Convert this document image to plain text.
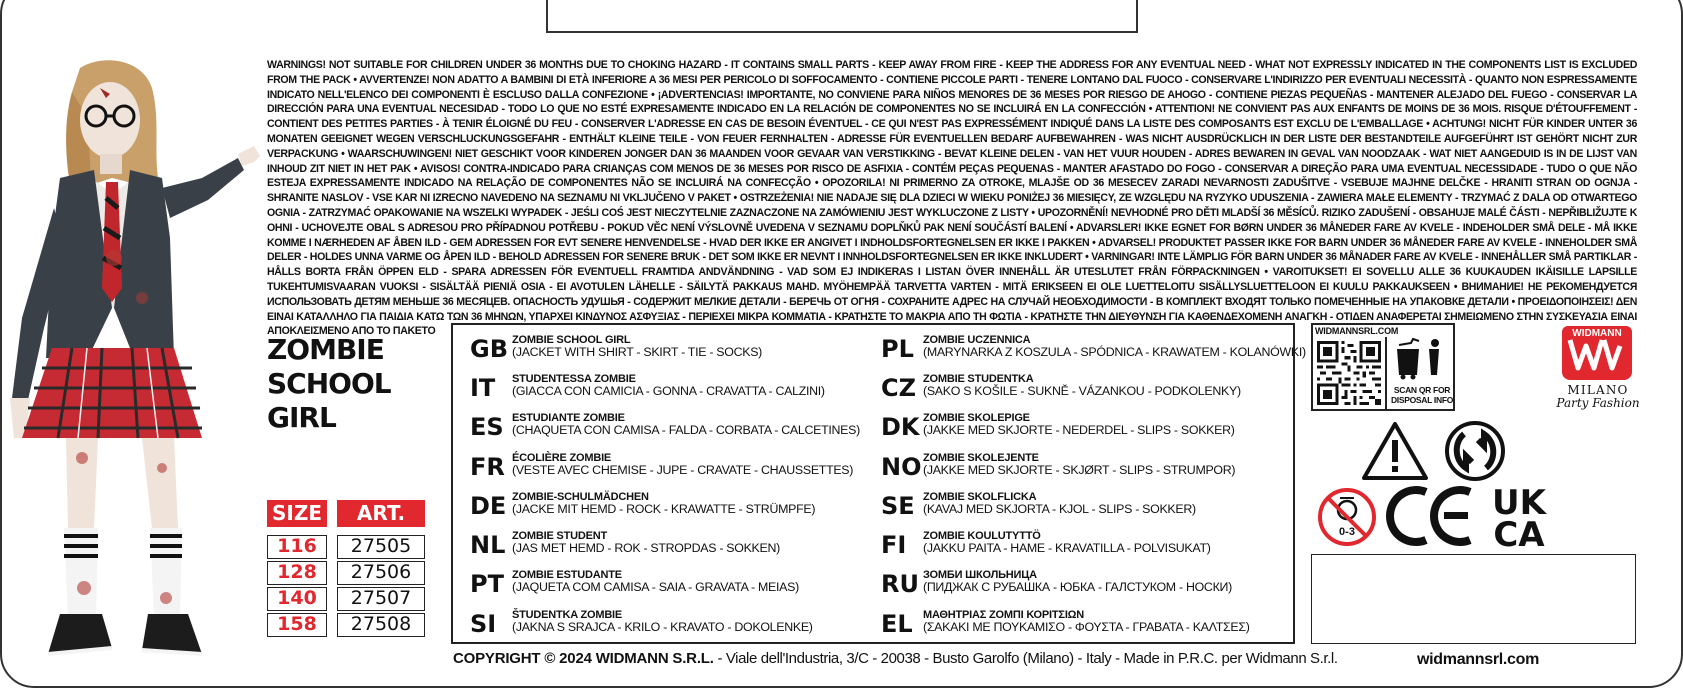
WARNINGS! NOT SUITABLE FOR CHILDREN UNDER 36 MONTHS DUE TO CHOKING HAZARD - IT CONTAINS SMALL PARTS - KEEP AWAY FROM FIRE - KEEP THE ADDRESS FOR ANY EVENTUAL NEED - WHAT NOT EXPRESSLY INDICATED IN THE COMPONENTS LIST IS EXCLUDED FROM THE PACK • AVVERTENZE! NON ADATTO A BAMBINI DI ETÀ INFERIORE A 36 MESI PER PERICOLO DI SOFFOCAMENTO - CONTIENE PICCOLE PARTI - TENERE LONTANO DAL FUOCO - CONSERVARE L'INDIRIZZO PER EVENTUALI NECESSITÀ - QUANTO NON ESPRESSAMENTE INDICATO NELL'ELENCO DEI COMPONENTI È ESCLUSO DALLA CONFEZIONE • ¡ADVERTENCIAS! IMPORTANTE, NO CONVIENE PARA NIÑOS MENORES DE 36 MESES POR RIESGO DE AHOGO - CONTIENE PIEZAS PEQUEÑAS - MANTENER ALEJADO DEL FUEGO - CONSERVAR LA DIRECCIÓN PARA UNA EVENTUAL NECESIDAD - TODO LO QUE NO ESTÉ EXPRESAMENTE INDICADO EN LA RELACIÓN DE COMPONENTES NO SE INCLUIRÁ EN LA CONFECCIÓN • ATTENTION! NE CONVIENT PAS AUX ENFANTS DE MOINS DE 36 MOIS. RISQUE D'ÉTOUFFEMENT - CONTIENT DES PETITES PARTIES - À TENIR ÉLOIGNÉ DU FEU - CONSERVER L'ADRESSE EN CAS DE BESOIN ÉVENTUEL - CE QUI N'EST PAS EXPRESSÉMENT INDIQUÉ DANS LA LISTE DES COMPOSANTS EST EXCLU DE L'EMBALLAGE • ACHTUNG! NICHT FÜR KINDER UNTER 36 MONATEN GEEIGNET WEGEN VERSCHLUCKUNGSGEFAHR - ENTHÄLT KLEINE TEILE - VON FEUER FERNHALTEN - ADRESSE FÜR EVENTUELLEN BEDARF AUFBEWAHREN - WAS NICHT AUSDRÜCKLICH IN DER LISTE DER BESTANDTEILE AUFGEFÜHRT IST GEHÖRT NICHT ZUR VERPACKUNG • WAARSCHUWINGEN! NIET GESCHIKT VOOR KINDEREN JONGER DAN 36 MAANDEN VOOR GEVAAR VAN VERSTIKKING - BEVAT KLEINE DELEN - VAN HET VUUR HOUDEN - ADRES BEWAREN IN GEVAL VAN NOODZAAK - WAT NIET AANGEDUID IS IN DE LIJST VAN INHOUD ZIT NIET IN HET PAK • AVISOS! CONTRA-INDICADO PARA CRIANÇAS COM MENOS DE 36 MESES POR RISCO DE ASFIXIA - CONTÉM PEÇAS PEQUENAS - MANTER AFASTADO DO FOGO - CONSERVAR A DIREÇÃO PARA UMA EVENTUAL NECESSIDADE - TUDO O QUE NÃO ESTEJA EXPRESSAMENTE INDICADO NA RELAÇÃO DE COMPONENTES NÃO SE INCLUIRÁ NA CONFECÇÃO • OPOZORILA! NI PRIMERNO ZA OTROKE, MLAJŠE OD 36 MESECEV ZARADI NEVARNOSTI ZADUŠITVE - VSEBUJE MAJHNE DELČKE - HRANITI STRAN OD OGNJA - SHRANITE NASLOV - VSE KAR NI IZRECNO NAVEDENO NA SEZNAMU NI VKLJUČENO V PAKET • OSTRZEŻENIA! NIE NADAJE SIĘ DLA DZIECI W WIEKU PONIŻEJ 36 MIESIĘCY, ZE WZGLĘDU NA RYZYKO UDUSZENIA - ZAWIERA MAŁE ELEMENTY - TRZYMAĆ Z DALA OD OTWARTEGO OGNIA - ZATRZYMAĆ OPAKOWANIE NA WSZELKI WYPADEK - JEŚLI COŚ JEST NIECZYTELNIE ZAZNACZONE NA ZAMÓWIENIU JEST WYKLUCZONE Z LISTY • UPOZORNĚNÍ! NEVHODNÉ PRO DĚTI MLADŠÍ 36 MĚSÍCŮ. RIZIKO ZADUŠENÍ - OBSAHUJE MALÉ ČÁSTI - NEPŘIBLIŽUJTE K OHNI - UCHOVEJTE OBAL S ADRESOU PRO PŘÍPADNOU POTŘEBU - POKUD VĚC NENÍ VÝSLOVNĚ UVEDENA V SEZNAMU DOPLŇKŮ PAK NENÍ SOUČÁSTÍ BALENÍ • ADVARSLER! IKKE EGNET FOR BØRN UNDER 36 MÅNEDER FARE AV KVELE - INDEHOLDER SMÅ DELE - MÅ IKKE KOMME I NÆRHEDEN AF ÅBEN ILD - GEM ADRESSEN FOR EVT SENERE HENVENDELSE - HVAD DER IKKE ER ANGIVET I INDHOLDSFORTEGNELSEN ER IKKE I PAKKEN • ADVARSEL! PRODUKTET PASSER IKKE FOR BARN UNDER 36 MÅNEDER FARE AV KVELE - INNEHOLDER SMÅ DELER - HOLDES UNNA VARME OG ÅPEN ILD - BEHOLD ADRESSEN FOR SENERE BRUK - DET SOM IKKE ER NEVNT I INNHOLDSFORTEGNELSEN ER IKKE INKLUDERT • VARNINGAR! INTE LÄMPLIG FÖR BARN UNDER 36 MÅNADER FARE AV KVELE - INNEHÅLLER SMÅ PARTIKLAR - HÅLLS BORTA FRÅN ÖPPEN ELD - SPARA ADRESSEN FÖR EVENTUELL FRAMTIDA ANDVÄNDNING - VAD SOM EJ INDIKERAS I LISTAN ÖVER INNEHÅLL ÄR UTESLUTET FRÅN FÖRPACKNINGEN • VAROITUKSET! EI SOVELLU ALLE 36 KUUKAUDEN IKÄISILLE LAPSILLE TUKEHTUMISVAARAN VUOKSI - SISÄLTÄÄ PIENIÄ OSIA - EI AVOTULEN LÄHELLE - SÄILYTÄ PAKKAUS MAHD. MYÖHEMPÄÄ TARVETTA VARTEN - MITÄ ERIKSEEN EI OLE LUETTELOITU SISÄLLYSLUETTELOON EI KUULU PAKKAUKSEEN • ВНИМАНИЕ! НЕ РЕКОМЕНДУЕТСЯ ИСПОЛЬЗОВАТЬ ДЕТЯМ МЕНЬШЕ 36 МЕСЯЦЕВ. ОПАСНОСТЬ УДУШЬЯ - СОДЕРЖИТ МЕЛКИЕ ДЕТАЛИ - БЕРЕЧЬ ОТ ОГНЯ - СОХРАНИТЕ АДРЕС НА СЛУЧАЙ НЕОБХОДИМОСТИ - В КОМПЛЕКТ ВХОДЯТ ТОЛЬКО ПОМЕЧЕННЫЕ НА УПАКОВКЕ ДЕТАЛИ • ΠΡΟΕΙΔΟΠΟΙΗΣΕΙΣ! ΔΕΝ ΕΙΝΑΙ ΚΑΤΑΛΛΗΛΟ ΓΙΑ ΠΑΙΔΙΑ ΚΑΤΩ ΤΩΝ 36 ΜΗΝΩΝ, ΥΠΑΡΧΕΙ ΚΙΝΔΥΝΟΣ ΑΣΦΥΞΙΑΣ - ΠΕΡΙΕΧΕΙ ΜΙΚΡΑ ΚΟΜΜΑΤΙΑ - ΚΡΑΤΗΣΤΕ ΤΟ ΜΑΚΡΙΑ ΑΠΟ ΤΗ ΦΩΤΙΑ - ΚΡΑΤΗΣΤΕ ΤΗΝ ΔΙΕΥΘΥΝΣΗ ΓΙΑ ΚΑΘΕΝΔΕΧΟΜΕΝΗ ΑΝΑΓΚΗ - ΟΤΙΔΕΝ ΑΝΑΦΕΡΕΤΑΙ ΣΗΜΕΙΩΜΕΝΟ ΣΤΗΝ ΣΥΣΚΕΥΑΣΙΑ ΕΙΝΑΙ ΑΠΟΚΛΕΙΣΜΕΝΟ ΑΠΟ ΤΟ ΠΑΚΕΤΟ
ZOMBIE
SCHOOL
GIRL
SIZE	ART.
116	27505
128	27506
140	27507
158	27508
GB ZOMBIE SCHOOL GIRL
(JACKET WITH SHIRT - SKIRT - TIE - SOCKS)
IT	STUDENTESSA ZOMBIE
(GIACCA CON CAMICIA - GONNA - CRAVATTA - CALZINI)
ES ESTUDIANTE ZOMBIE
(CHAQUETA CON CAMISA - FALDA - CORBATA - CALCETINES)
FR ÉCOLIÈRE ZOMBIE
(VESTE AVEC CHEMISE - JUPE - CRAVATE - CHAUSSETTES)
DE ZOMBIE-SCHULMÄDCHEN
(JACKE MIT HEMD - ROCK - KRAWATTE - STRÜMPFE)
NL ZOMBIE STUDENT
(JAS MET HEMD - ROK - STROPDAS - SOKKEN)
PT ZOMBIE ESTUDANTE
(JAQUETA COM CAMISA - SAIA - GRAVATA - MEIAS)
SI	ŠTUDENTKA ZOMBIE
(JAKNA S SRAJCA - KRILO - KRAVATO - DOKOLENKE)
PL ZOMBIE UCZENNICA
(MARYNARKA Z KOSZULA - SPÓDNICA - KRAWATEM - KOLANÓWKI)
CZ ZOMBIE STUDENTKA
(SAKO S KOŠILE - SUKNĚ - VÁZANKOU - PODKOLENKY)
DK ZOMBIE SKOLEPIGE
(JAKKE MED SKJORTE - NEDERDEL - SLIPS - SOKKER)
NO ZOMBIE SKOLEJENTE
(JAKKE MED SKJORTE - SKJØRT - SLIPS - STRUMPOR)
SE ZOMBIE SKOLFLICKA
(KAVAJ MED SKJORTA - KJOL - SLIPS - SOKKER)
FI	ZOMBIE KOULUTYTTÖ
(JAKKU PAITA - HAME - KRAVATILLA - POLVISUKAT)
RU ЗОМБИ ШКОЛЬНИЦА
(ПИДЖАК С РУБАШКА - ЮБКА - ГАЛСТУКОМ - НОСКИ)
EL ΜΑΘΗΤΡΙΑΣ ΖΟΜΠΙ ΚΟΡΙΤΣΙΩΝ
(ΣΑΚΑΚΙ ΜΕ ΠΟΥΚΑΜΙΣΟ - ΦΟΥΣΤΑ - ΓΡΑΒΑΤΑ - ΚΑΛΤΣΕΣ)
COPYRIGHT © 2024 WIDMANN S.R.L. - Viale dell'Industria, 3/C - 20038 - Busto Garolfo (Milano) - Italy - Made in P.R.C. per Widmann S.r.l.	widmannsrl.com
WIDMANNSRL.COM
SCAN QR FOR
DISPOSAL INFO
WIDMANN
MILANO
Party Fashion
0-3
UK
CA
